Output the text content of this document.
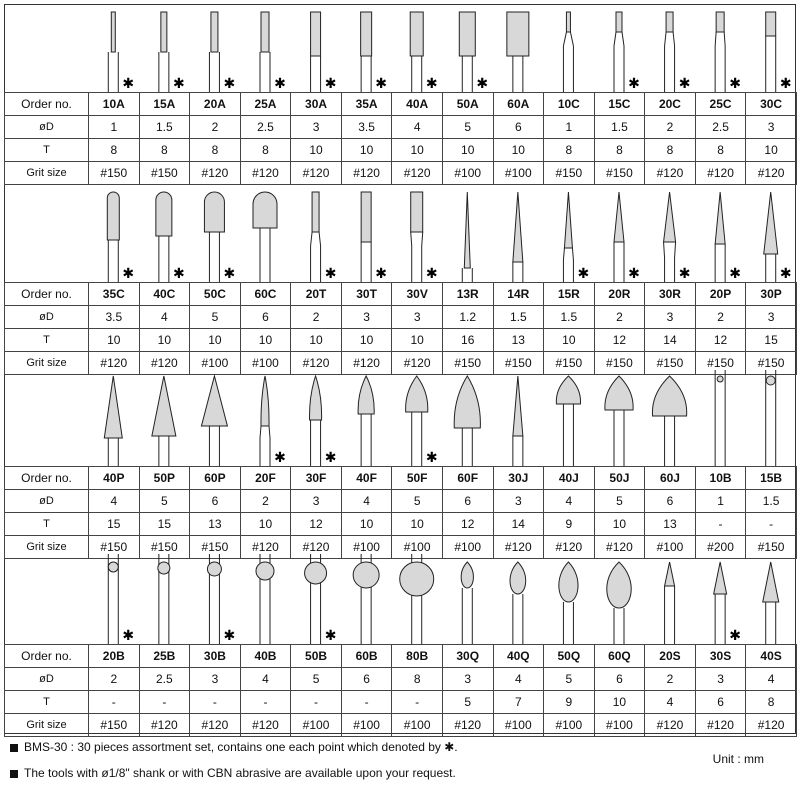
✱	✱	✱	✱	✱	✱	✱	✱	✱	✱	✱	✱
Order no.	10A	15A	20A	25A	30A	35A	40A	50A	60A	10C	15C	20C	25C	30C
øD	1	1.5	2	2.5	3	3.5	4	5	6	1	1.5	2	2.5	3
T	8	8	8	8	10	10	10	10	10	8	8	8	8	10
Grit size	#150	#150	#120	#120	#120	#120	#120	#100	#100	#150	#150	#120	#120	#120
✱	✱	✱	✱	✱	✱	✱	✱	✱	✱	✱
Order no.	35C	40C	50C	60C	20T	30T	30V	13R	14R	15R	20R	30R	20P	30P
øD	3.5	4	5	6	2	3	3	1.2	1.5	1.5	2	3	2	3
T	10	10	10	10	10	10	10	16	13	10	12	14	12	15
Grit size	#120	#120	#100	#100	#120	#120	#120	#150	#150	#150	#150	#150	#150	#150
✱	✱	✱
Order no.	40P	50P	60P	20F	30F	40F	50F	60F	30J	40J	50J	60J	10B	15B
øD	4	5	6	2	3	4	5	6	3	4	5	6	1	1.5
T	15	15	13	10	12	10	10	12	14	9	10	13	-	-
Grit size	#150	#150	#150	#120	#120	#100	#100	#100	#120	#120	#120	#100	#200	#150
✱	✱	✱	✱
Order no.	20B	25B	30B	40B	50B	60B	80B	30Q	40Q	50Q	60Q	20S	30S	40S
øD	2	2.5	3	4	5	6	8	3	4	5	6	2	3	4
T	-	-	-	-	-	-	-	5	7	9	10	4	6	8
Grit size	#150	#120	#120	#120	#100	#100	#100	#120	#100	#100	#100	#120	#120	#120
BMS-30 : 30 pieces assortment set, contains one each point which denoted by ✱.
The tools with ø1/8" shank or with CBN abrasive are available upon your request.
Unit : mm
